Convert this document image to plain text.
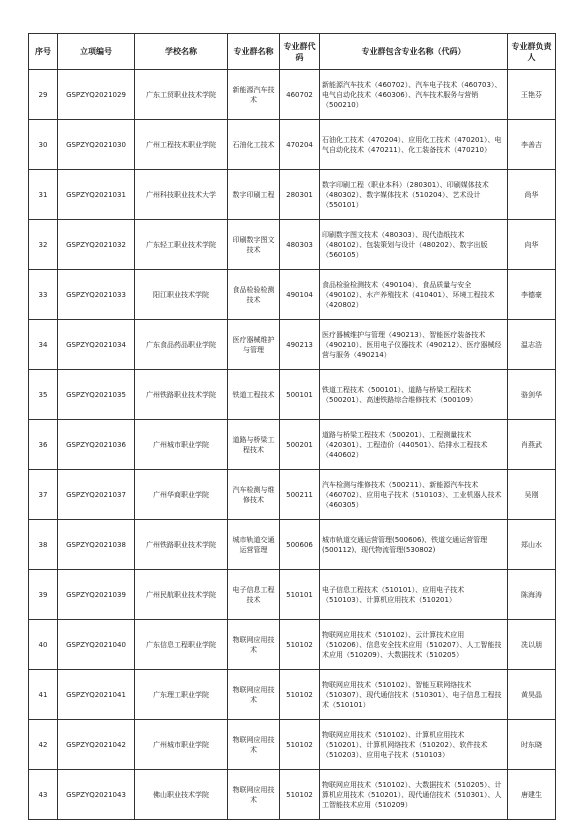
序号	立项编号	学校名称	专业群名称	专业群代码	专业群包含专业名称（代码）	专业群负责人
29	GSPZYQ2021029	广东工贸职业技术学院	新能源汽车技术	460702	新能源汽车技术（460702）、汽车电子技术（460703）、电气自动化技术（460306）、汽车技术服务与营销（500210）	王艳芬
30	GSPZYQ2021030	广州工程技术职业学院	石油化工技术	470204	石油化工技术（470204）、应用化工技术（470201）、电气自动化技术（470211）、化工装备技术（470210）	李善吉
31	GSPZYQ2021031	广州科技职业技术大学	数字印刷工程	280301	数字印刷工程（职业本科）（280301）、印刷媒体技术（480302）、数字媒体技术（510204）、艺术设计（550101）	尚华
32	GSPZYQ2021032	广东轻工职业技术学院	印刷数字图文技术	480303	印刷数字图文技术（480303）、现代造纸技术（480102）、包装策划与设计（480202）、数字出版（560105）	向华
33	GSPZYQ2021033	阳江职业技术学院	食品检验检测技术	490104	食品检验检测技术（490104）、食品质量与安全（490102）、水产养殖技术（410401）、环境工程技术（420802）	李德豪
34	GSPZYQ2021034	广东食品药品职业学院	医疗器械维护与管理	490213	医疗器械维护与管理（490213）、智能医疗装备技术（490210）、医用电子仪器技术（490212）、医疗器械经营与服务（490214）	温志浩
35	GSPZYQ2021035	广州铁路职业技术学院	铁道工程技术	500101	铁道工程技术（500101）、道路与桥梁工程技术（500201）、高速铁路综合维修技术（500109）	骆剑华
36	GSPZYQ2021036	广州城市职业学院	道路与桥梁工程技术	500201	道路与桥梁工程技术（500201）、工程测量技术（420301）、工程造价（440501）、给排水工程技术（440602）	肖燕武
37	GSPZYQ2021037	广州华商职业学院	汽车检测与维修技术	500211	汽车检测与维修技术（500211）、新能源汽车技术（460702）、应用电子技术（510103）、工业机器人技术（460305）	吴刚
38	GSPZYQ2021038	广州铁路职业技术学院	城市轨道交通运营管理	500606	城市轨道交通运营管理(500606)、铁道交通运营管理(500112)、现代物流管理(530802)	郑山水
39	GSPZYQ2021039	广州民航职业技术学院	电子信息工程技术	510101	电子信息工程技术（510101）、应用电子技术（510103）、计算机应用技术（510201）	陈海涛
40	GSPZYQ2021040	广东信息工程职业学院	物联网应用技术	510102	物联网应用技术（510102）、云计算技术应用（510206）、信息安全技术应用（510207）、人工智能技术应用（510209）、大数据技术（510205）	冼以朋
41	GSPZYQ2021041	广东理工职业学院	物联网应用技术	510102	物联网应用技术（510102）、智能互联网络技术（510307）、现代通信技术（510301）、电子信息工程技术（510101）	黄昊晶
42	GSPZYQ2021042	广州城市职业学院	物联网应用技术	510102	物联网应用技术（510102）、计算机应用技术（510201）、计算机网络技术（510202）、软件技术（510203）、应用电子技术（510103）	时东晓
43	GSPZYQ2021043	佛山职业技术学院	物联网应用技术	510102	物联网应用技术（510102）、大数据技术（510205）、计算机应用技术（510201）、现代通信技术（510301）、人工智能技术应用（510209）	唐建生
